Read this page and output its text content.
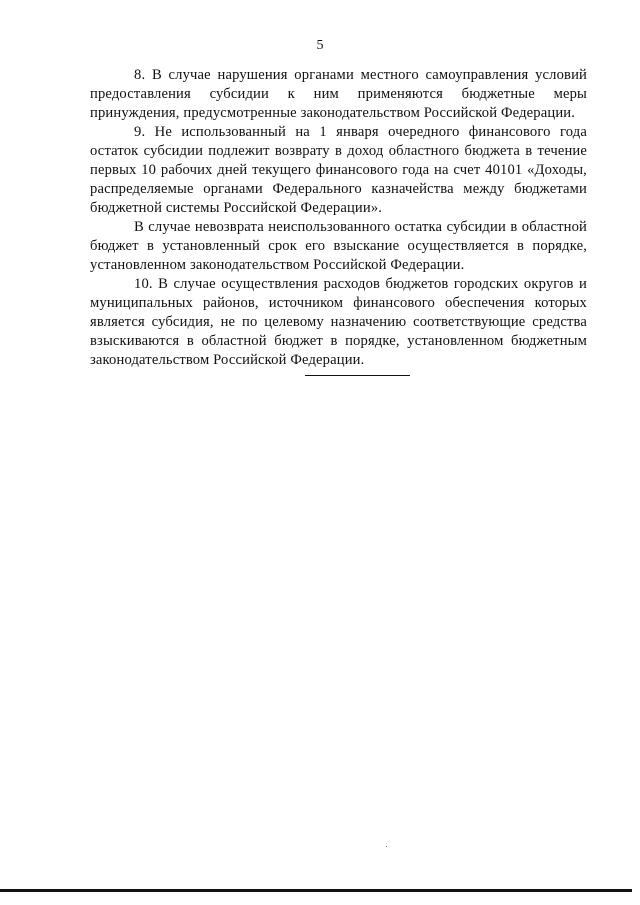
5

8. В случае нарушения органами местного самоуправления условий предоставления субсидии к ним применяются бюджетные меры принуждения, предусмотренные законодательством Российской Федерации.

9. Не использованный на 1 января очередного финансового года остаток субсидии подлежит возврату в доход областного бюджета в течение первых 10 рабочих дней текущего финансового года на счет 40101 «Доходы, распределяемые органами Федерального казначейства между бюджетами бюджетной системы Российской Федерации».

В случае невозврата неиспользованного остатка субсидии в областной бюджет в установленный срок его взыскание осуществляется в порядке, установленном законодательством Российской Федерации.

10. В случае осуществления расходов бюджетов городских округов и муниципальных районов, источником финансового обеспечения которых является субсидия, не по целевому назначению соответствующие средства взыскиваются в областной бюджет в порядке, установленном бюджетным законодательством Российской Федерации.
